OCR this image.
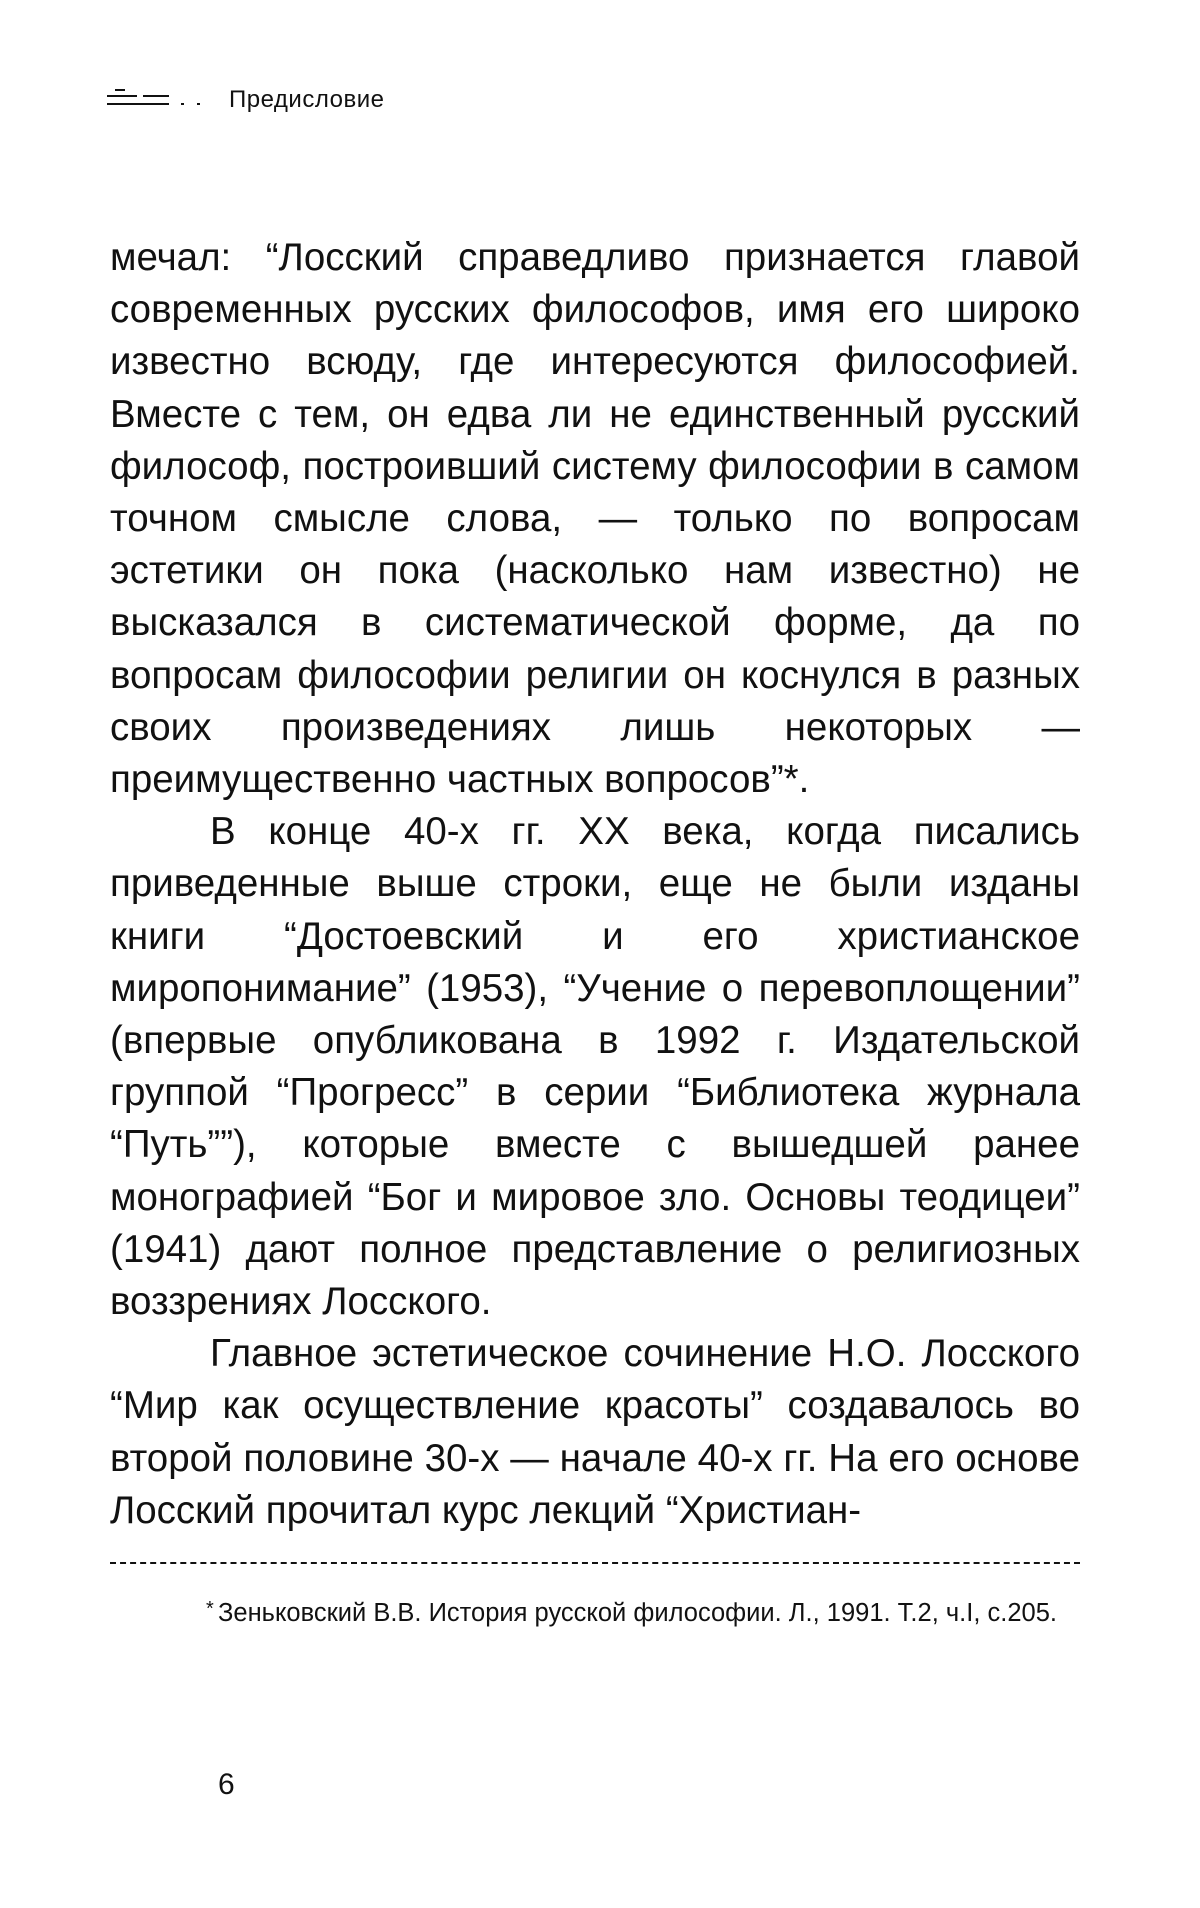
Предисловие

мечал: “Лосский справедливо признается главой современных русских философов, имя его широко известно всюду, где интересуются философией. Вместе с тем, он едва ли не единственный русский философ, построивший систему философии в самом точном смысле слова, — только по вопросам эстетики он пока (насколько нам известно) не высказался в систематической форме, да по вопросам философии религии он коснулся в разных своих произведениях лишь некоторых — преимущественно частных вопросов”*.

В конце 40-х гг. XX века, когда писались приведенные выше строки, еще не были изданы книги “Достоевский и его христианское миропонимание” (1953), “Учение о перевоплощении” (впервые опубликована в 1992 г. Издательской группой “Прогресс” в серии “Библиотека журнала “Путь””), которые вместе с вышедшей ранее монографией “Бог и мировое зло. Основы теодицеи” (1941) дают полное представление о религиозных воззрениях Лосского.

Главное эстетическое сочинение Н.О. Лосского “Мир как осуществление красоты” создавалось во второй половине 30-х — начале 40-х гг. На его основе Лосский прочитал курс лекций “Христиан-

* Зеньковский В.В. История русской философии. Л., 1991. Т.2, ч.I, с.205.

6
